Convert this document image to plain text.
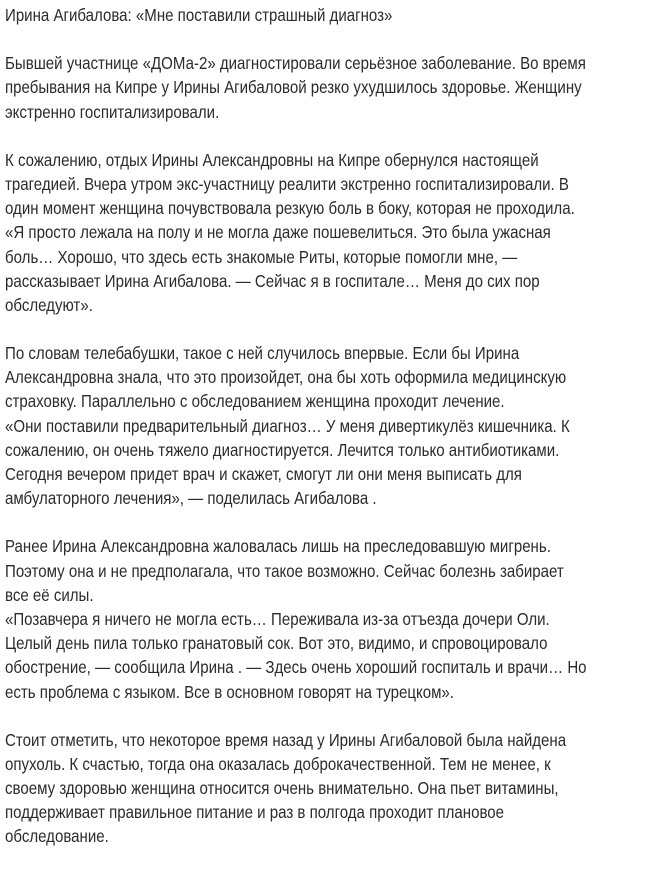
Ирина Агибалова: «Мне поставили страшный диагноз»
Бывшей участнице «ДОМа-2» диагностировали серьёзное заболевание. Во время
пребывания на Кипре у Ирины Агибаловой резко ухудшилось здоровье. Женщину
экстренно госпитализировали.
К сожалению, отдых Ирины Александровны на Кипре обернулся настоящей
трагедией. Вчера утром экс-участницу реалити экстренно госпитализировали. В
один момент женщина почувствовала резкую боль в боку, которая не проходила.
«Я просто лежала на полу и не могла даже пошевелиться. Это была ужасная
боль… Хорошо, что здесь есть знакомые Риты, которые помогли мне, —
рассказывает Ирина Агибалова. — Сейчас я в госпитале… Меня до сих пор
обследуют».
По словам телебабушки, такое с ней случилось впервые. Если бы Ирина
Александровна знала, что это произойдет, она бы хоть оформила медицинскую
страховку. Параллельно с обследованием женщина проходит лечение.
«Они поставили предварительный диагноз… У меня дивертикулёз кишечника. К
сожалению, он очень тяжело диагностируется. Лечится только антибиотиками.
Сегодня вечером придет врач и скажет, смогут ли они меня выписать для
амбулаторного лечения», — поделилась Агибалова .
Ранее Ирина Александровна жаловалась лишь на преследовавшую мигрень.
Поэтому она и не предполагала, что такое возможно. Сейчас болезнь забирает
все её силы.
«Позавчера я ничего не могла есть… Переживала из-за отъезда дочери Оли.
Целый день пила только гранатовый сок. Вот это, видимо, и спровоцировало
обострение, — сообщила Ирина . — Здесь очень хороший госпиталь и врачи… Но
есть проблема с языком. Все в основном говорят на турецком».
Стоит отметить, что некоторое время назад у Ирины Агибаловой была найдена
опухоль. К счастью, тогда она оказалась доброкачественной. Тем не менее, к
своему здоровью женщина относится очень внимательно. Она пьет витамины,
поддерживает правильное питание и раз в полгода проходит плановое
обследование.
